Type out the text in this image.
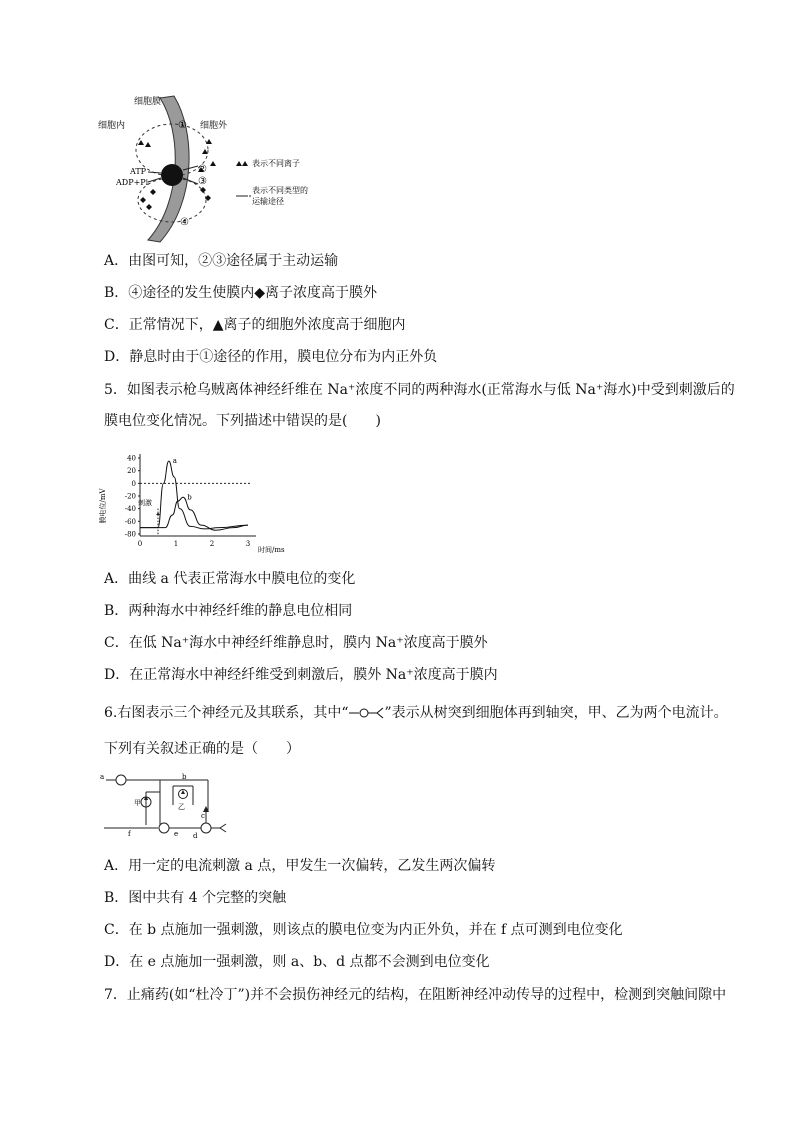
细胞膜
细胞内	细胞外
ATP
ADP+Pi
①
②
③
④
表示不同离子
表示不同类型的
运输途径
A．由图可知，②③途径属于主动运输
B．④途径的发生使膜内◆离子浓度高于膜外
C．正常情况下，▲离子的细胞外浓度高于细胞内
D．静息时由于①途径的作用，膜电位分布为内正外负
5．如图表示枪乌贼离体神经纤维在 Na⁺浓度不同的两种海水(正常海水与低 Na⁺海水)中受到刺激后的
膜电位变化情况。下列描述中错误的是(　　)
40
20
0
-20
-40
-60
-80
0	1	2	3
a
b
膜电位/mV
时间/ms
刺激
A．曲线 a 代表正常海水中膜电位的变化
B．两种海水中神经纤维的静息电位相同
C．在低 Na⁺海水中神经纤维静息时，膜内 Na⁺浓度高于膜外
D．在正常海水中神经纤维受到刺激后，膜外 Na⁺浓度高于膜内
6.右图表示三个神经元及其联系，其中“	”表示从树突到细胞体再到轴突，甲、乙为两个电流计。
下列有关叙述正确的是（　　）
a	b
c
d
e
f
甲	乙
A．用一定的电流刺激 a 点，甲发生一次偏转，乙发生两次偏转
B．图中共有 4 个完整的突触
C．在 b 点施加一强刺激，则该点的膜电位变为内正外负，并在 f 点可测到电位变化
D．在 e 点施加一强刺激，则 a、b、d 点都不会测到电位变化
7．止痛药(如“杜冷丁”)并不会损伤神经元的结构，在阻断神经冲动传导的过程中，检测到突触间隙中
